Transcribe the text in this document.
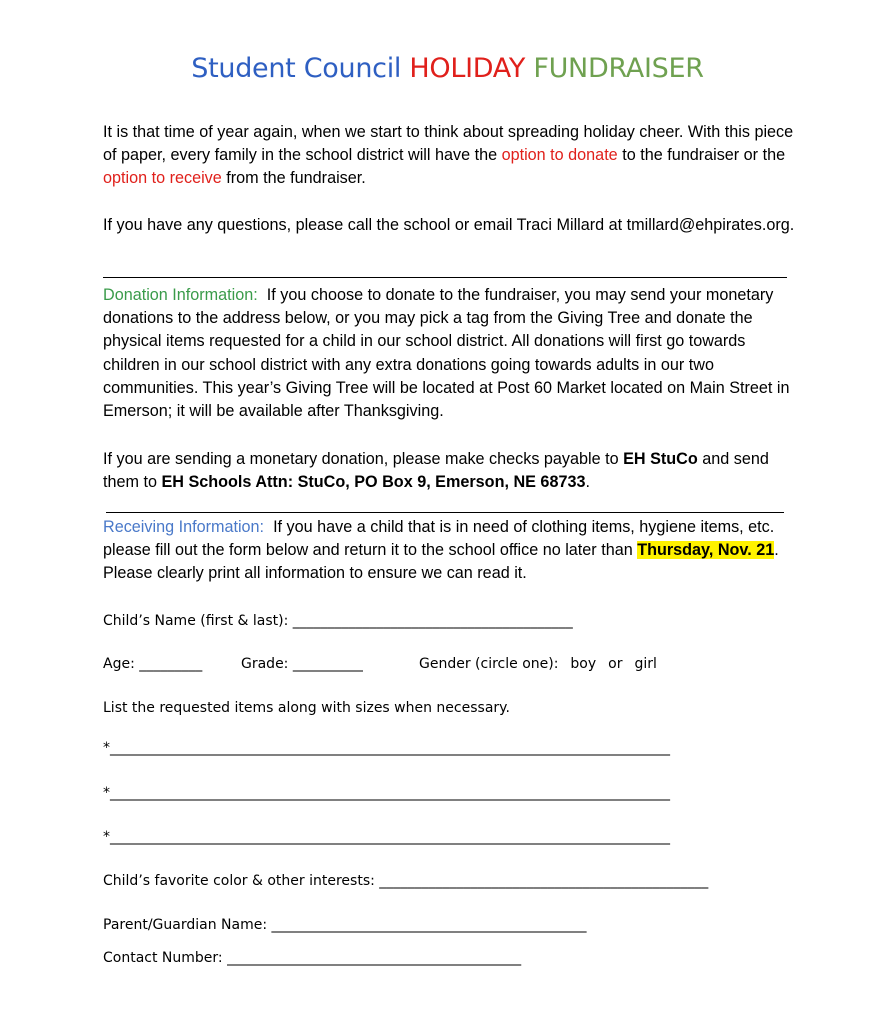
Student Council HOLIDAY FUNDRAISER

It is that time of year again, when we start to think about spreading holiday cheer. With this piece of paper, every family in the school district will have the option to donate to the fundraiser or the option to receive from the fundraiser.

If you have any questions, please call the school or email Traci Millard at tmillard@ehpirates.org.

Donation Information: If you choose to donate to the fundraiser, you may send your monetary donations to the address below, or you may pick a tag from the Giving Tree and donate the physical items requested for a child in our school district. All donations will first go towards children in our school district with any extra donations going towards adults in our two communities. This year’s Giving Tree will be located at Post 60 Market located on Main Street in Emerson; it will be available after Thanksgiving.

If you are sending a monetary donation, please make checks payable to EH StuCo and send them to EH Schools Attn: StuCo, PO Box 9, Emerson, NE 68733.

Receiving Information: If you have a child that is in need of clothing items, hygiene items, etc. please fill out the form below and return it to the school office no later than Thursday, Nov. 21. Please clearly print all information to ensure we can read it.

Child’s Name (first & last): ________________________________________
Age: _________	Grade: __________	Gender (circle one): boy or girl
List the requested items along with sizes when necessary.
*________________________________________________________________________________
*________________________________________________________________________________
*________________________________________________________________________________
Child’s favorite color & other interests: _______________________________________________
Parent/Guardian Name: _____________________________________________
Contact Number: __________________________________________
